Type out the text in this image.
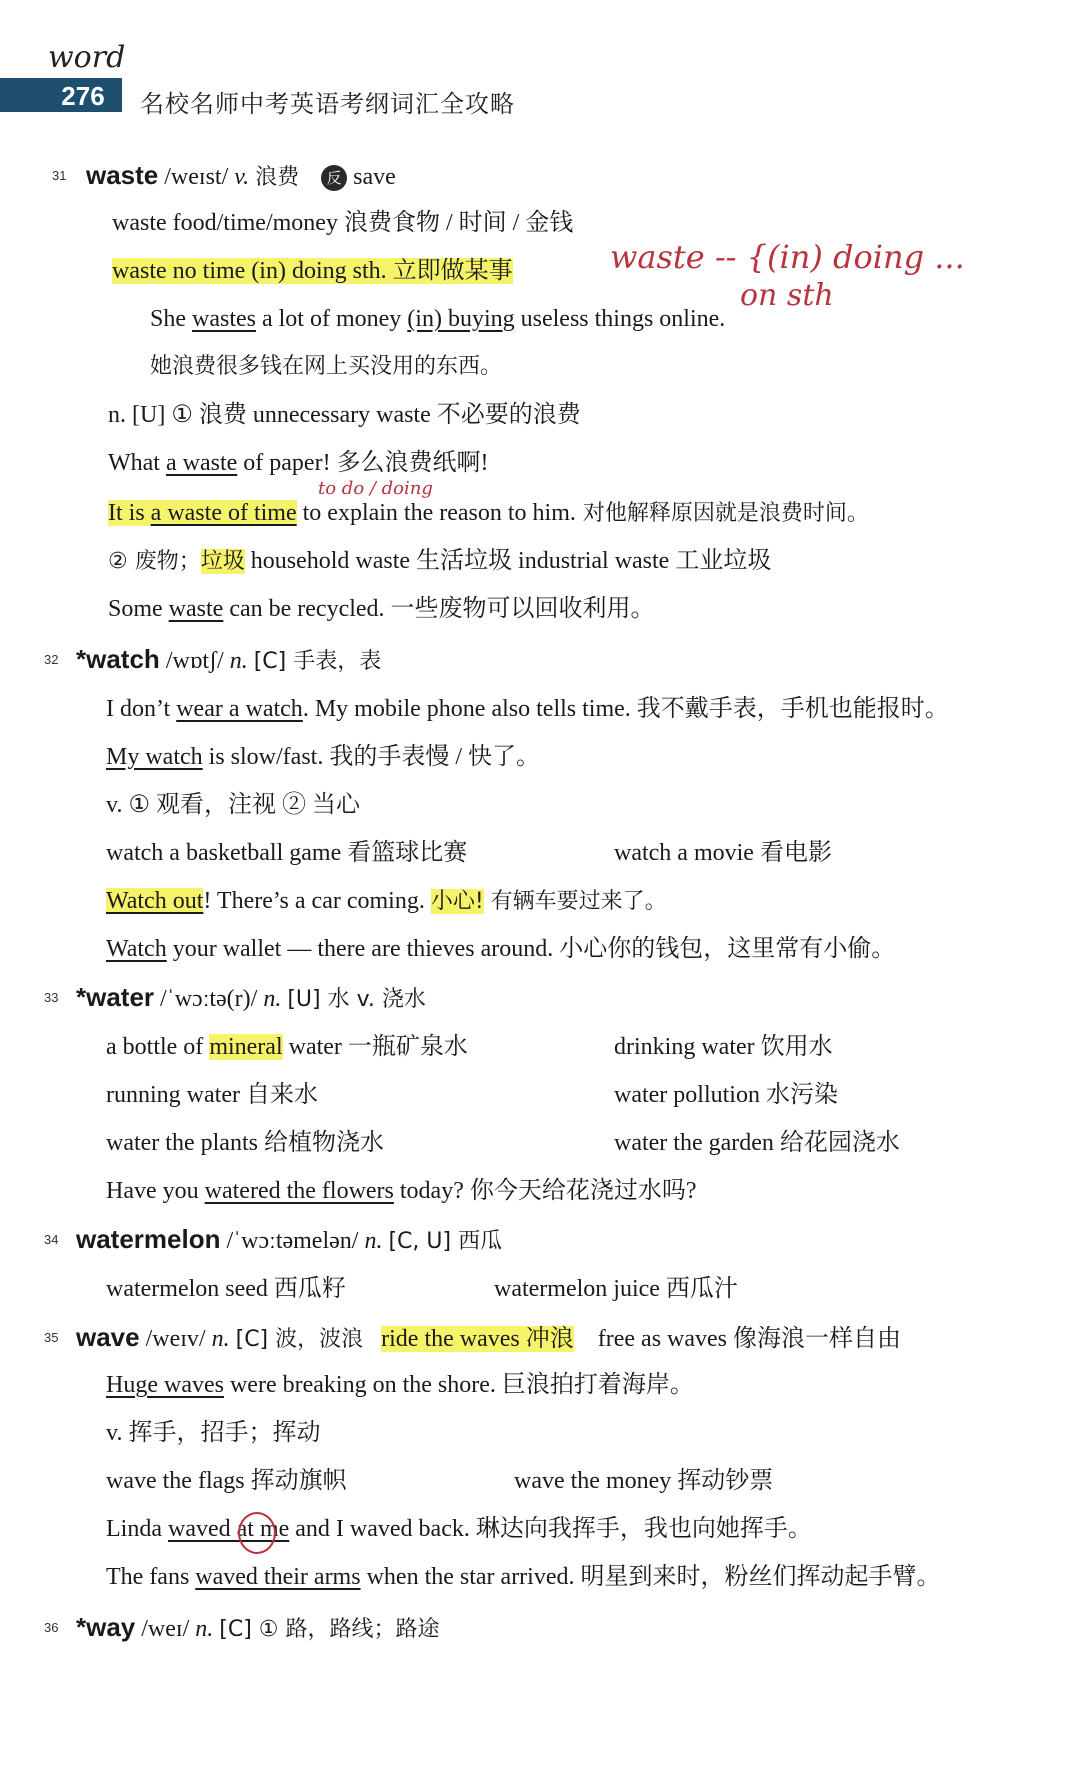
276
word
名校名师中考英语考纲词汇全攻略
31 waste /weɪst/ v. 浪费 反 save
waste food/time/money 浪费食物 / 时间 / 金钱
waste no time (in) doing sth. 立即做某事	waste -- {(in) doing ...
on sth
She wastes a lot of money (in) buying useless things online.
她浪费很多钱在网上买没用的东西。
n. [U] ① 浪费 unnecessary waste 不必要的浪费
What a waste of paper! 多么浪费纸啊!
to do / doing
It is a waste of time to explain the reason to him. 对他解释原因就是浪费时间。
② 废物；垃圾 household waste 生活垃圾 industrial waste 工业垃圾
Some waste can be recycled. 一些废物可以回收利用。
32 *watch /wɒtʃ/ n. [C] 手表，表
I don’t wear a watch. My mobile phone also tells time. 我不戴手表，手机也能报时。
My watch is slow/fast. 我的手表慢 / 快了。
v. ① 观看，注视 ② 当心
watch a basketball game 看篮球比赛	watch a movie 看电影
Watch out! There’s a car coming. 小心! 有辆车要过来了。
Watch your wallet — there are thieves around. 小心你的钱包，这里常有小偷。
33 *water /ˈwɔːtə(r)/ n. [U] 水 v. 浇水
a bottle of mineral water 一瓶矿泉水	drinking water 饮用水
running water 自来水	water pollution 水污染
water the plants 给植物浇水	water the garden 给花园浇水
Have you watered the flowers today? 你今天给花浇过水吗?
34 watermelon /ˈwɔːtəmelən/ n. [C, U] 西瓜
watermelon seed 西瓜籽	watermelon juice 西瓜汁
35 wave /weɪv/ n. [C] 波，波浪 ride the waves 冲浪 free as waves 像海浪一样自由
Huge waves were breaking on the shore. 巨浪拍打着海岸。
v. 挥手，招手；挥动
wave the flags 挥动旗帜	wave the money 挥动钞票
Linda waved at me and I waved back. 琳达向我挥手，我也向她挥手。
The fans waved their arms when the star arrived. 明星到来时，粉丝们挥动起手臂。
36 *way /weɪ/ n. [C] ① 路，路线；路途
